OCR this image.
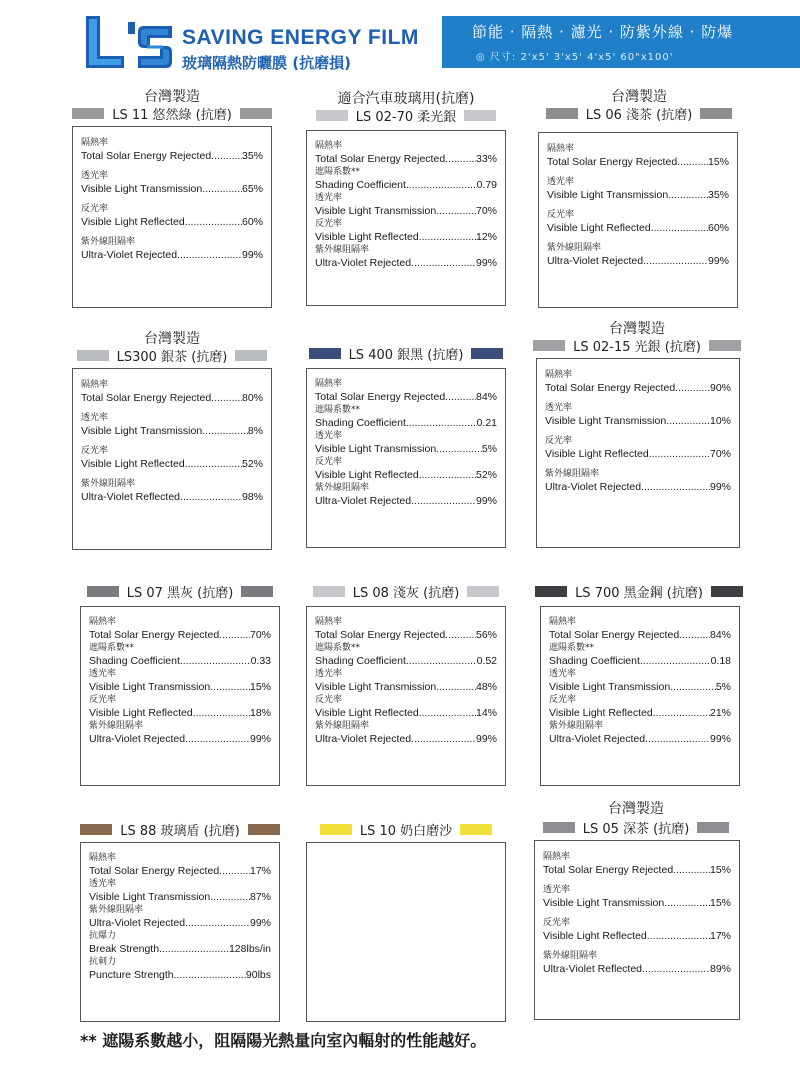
SAVING ENERGY FILM
玻璃隔熱防曬膜 (抗磨損)
節能 · 隔熱 · 濾光 · 防紫外線 · 防爆
◎ 尺寸: 2'x5' 3'x5' 4'x5' 60"x100'
台灣製造
LS 11 悠然綠 (抗磨)
隔熱率
Total Solar Energy Rejected .....	35%
透光率
Visible Light Transmission .....	65%
反光率
Visible Light Reflected .....	60%
紫外線阻隔率
Ultra-Violet Rejected .....	99%
適合汽車玻璃用(抗磨)
LS 02-70 柔光銀
隔熱率
Total Solar Energy Rejected .....	33%
遮陽系數**
Shading Coefficient .....	0.79
透光率
Visible Light Transmission .....	70%
反光率
Visible Light Reflected .....	12%
紫外線阻隔率
Ultra-Violet Rejected .....	99%
台灣製造
LS 06 淺茶 (抗磨)
隔熱率
Total Solar Energy Rejected .....	15%
透光率
Visible Light Transmission .....	35%
反光率
Visible Light Reflected .....	60%
紫外線阻隔率
Ultra-Violet Rejected .....	99%
台灣製造
LS300 銀茶 (抗磨)
隔熱率
Total Solar Energy Rejected .....	80%
透光率
Visible Light Transmission .....	8%
反光率
Visible Light Reflected .....	52%
紫外線阻隔率
Ultra-Violet Reflected .....	98%
LS 400 銀黑 (抗磨)
隔熱率
Total Solar Energy Rejected .....	84%
遮陽系數**
Shading Coefficient .....	0.21
透光率
Visible Light Transmission .....	5%
反光率
Visible Light Reflected .....	52%
紫外線阻隔率
Ultra-Violet Rejected .....	99%
台灣製造
LS 02-15 光銀 (抗磨)
隔熱率
Total Solar Energy Rejected .....	90%
透光率
Visible Light Transmission .....	10%
反光率
Visible Light Reflected .....	70%
紫外線阻隔率
Ultra-Violet Rejected .....	99%
LS 07 黑灰 (抗磨)
隔熱率
Total Solar Energy Rejected .....	70%
遮陽系數**
Shading Coefficient .....	0.33
透光率
Visible Light Transmission .....	15%
反光率
Visible Light Reflected .....	18%
紫外線阻隔率
Ultra-Violet Rejected .....	99%
LS 08 淺灰 (抗磨)
隔熱率
Total Solar Energy Rejected .....	56%
遮陽系數**
Shading Coefficient .....	0.52
透光率
Visible Light Transmission .....	48%
反光率
Visible Light Reflected .....	14%
紫外線阻隔率
Ultra-Violet Rejected .....	99%
LS 700 黑金鋼 (抗磨)
隔熱率
Total Solar Energy Rejected .....	84%
遮陽系數**
Shading Coefficient .....	0.18
透光率
Visible Light Transmission .....	5%
反光率
Visible Light Reflected .....	21%
紫外線阻隔率
Ultra-Violet Rejected .....	99%
LS 88 玻璃盾 (抗磨)
隔熱率
Total Solar Energy Rejected .....	17%
透光率
Visible Light Transmission .....	87%
紫外線阻隔率
Ultra-Violet Rejected .....	99%
抗爆力
Break Strength .....	128lbs/in
抗刺力
Puncture Strength .....	90lbs
LS 10 奶白磨沙
台灣製造
LS 05 深茶 (抗磨)
隔熱率
Total Solar Energy Rejected .....	15%
透光率
Visible Light Transmission .....	15%
反光率
Visible Light Reflected .....	17%
紫外線阻隔率
Ultra-Violet Reflected .....	89%
** 遮陽系數越小，阻隔陽光熱量向室內輻射的性能越好。
